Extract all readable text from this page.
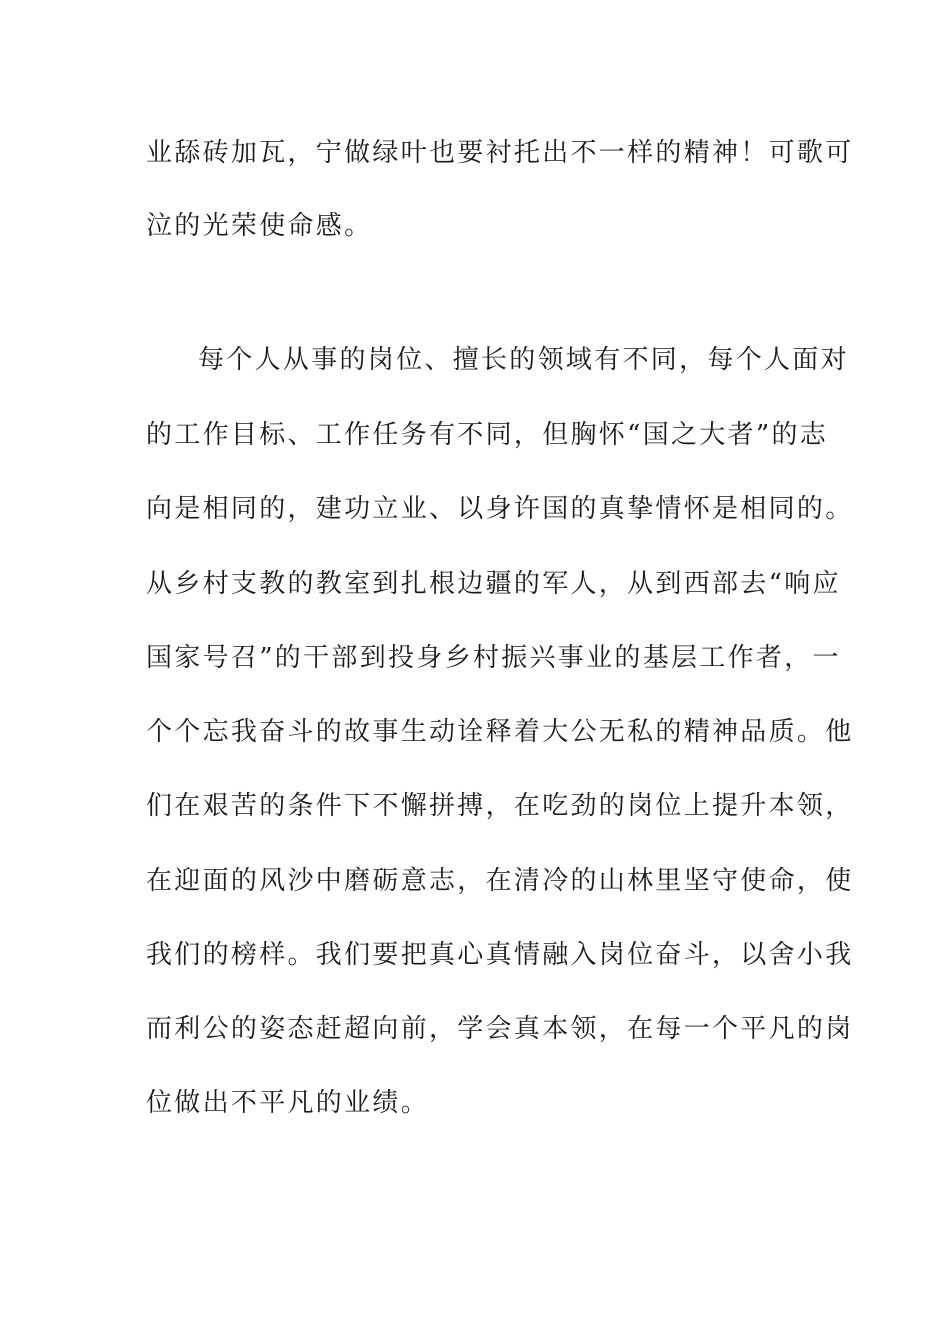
业舔砖加瓦，宁做绿叶也要衬托出不一样的精神！可歌可

泣的光荣使命感。

每个人从事的岗位、擅长的领域有不同，每个人面对

的工作目标、工作任务有不同，但胸怀“国之大者”的志

向是相同的，建功立业、以身许国的真挚情怀是相同的。

从乡村支教的教室到扎根边疆的军人，从到西部去“响应

国家号召”的干部到投身乡村振兴事业的基层工作者，一

个个忘我奋斗的故事生动诠释着大公无私的精神品质。他

们在艰苦的条件下不懈拼搏，在吃劲的岗位上提升本领，

在迎面的风沙中磨砺意志，在清冷的山林里坚守使命，使

我们的榜样。我们要把真心真情融入岗位奋斗，以舍小我

而利公的姿态赶超向前，学会真本领，在每一个平凡的岗

位做出不平凡的业绩。
